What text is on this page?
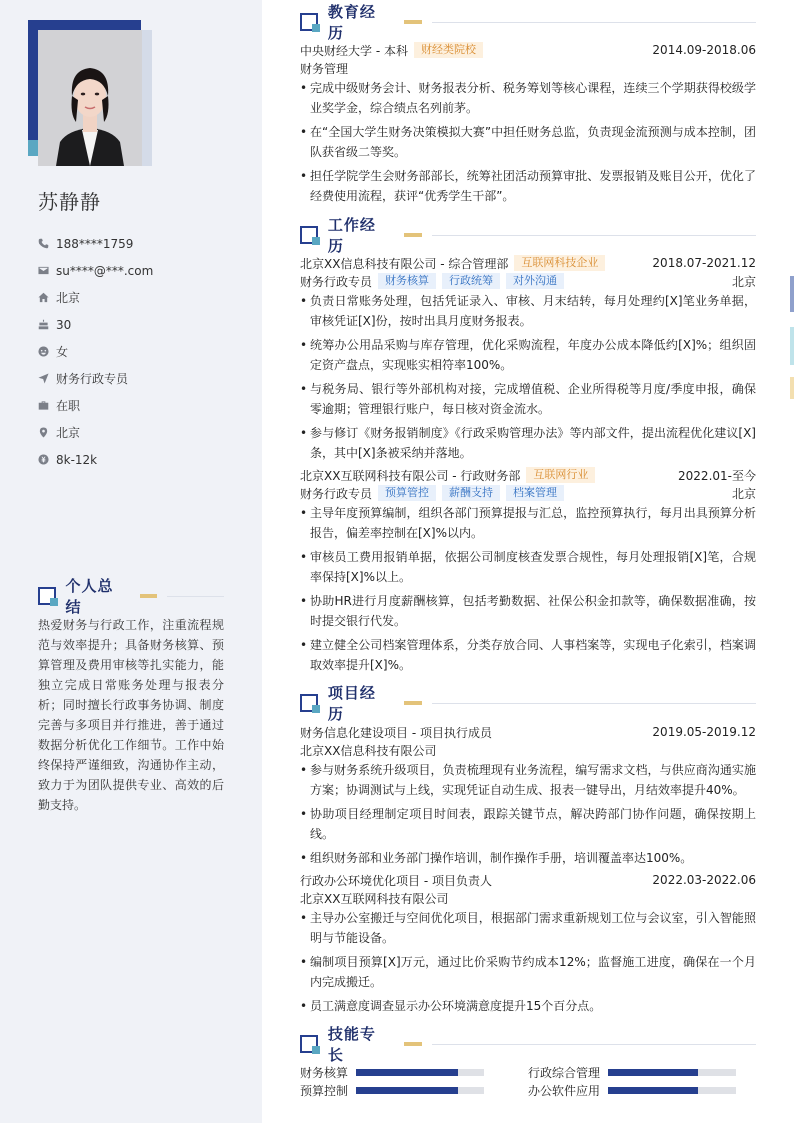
苏静静
188****1759
su****@***.com
北京
30
女
财务行政专员
在职
北京
8k-12k
个人总结
热爱财务与行政工作，注重流程规范与效率提升；具备财务核算、预算管理及费用审核等扎实能力，能独立完成日常账务处理与报表分析；同时擅长行政事务协调、制度完善与多项目并行推进，善于通过数据分析优化工作细节。工作中始终保持严谨细致，沟通协作主动，致力于为团队提供专业、高效的后勤支持。
教育经历
中央财经大学 - 本科	财经类院校	2014.09-2018.06
财务管理
• 完成中级财务会计、财务报表分析、税务筹划等核心课程，连续三个学期获得校级学业奖学金，综合绩点名列前茅。
• 在“全国大学生财务决策模拟大赛”中担任财务总监，负责现金流预测与成本控制，团队获省级二等奖。
• 担任学院学生会财务部部长，统筹社团活动预算审批、发票报销及账目公开，优化了经费使用流程，获评“优秀学生干部”。
工作经历
北京XX信息科技有限公司 - 综合管理部	互联网科技企业	2018.07-2021.12
财务行政专员	财务核算	行政统筹	对外沟通	北京
• 负责日常账务处理，包括凭证录入、审核、月末结转，每月处理约[X]笔业务单据，审核凭证[X]份，按时出具月度财务报表。
• 统筹办公用品采购与库存管理，优化采购流程，年度办公成本降低约[X]%；组织固定资产盘点，实现账实相符率100%。
• 与税务局、银行等外部机构对接，完成增值税、企业所得税等月度/季度申报，确保零逾期；管理银行账户，每日核对资金流水。
• 参与修订《财务报销制度》《行政采购管理办法》等内部文件，提出流程优化建议[X]条，其中[X]条被采纳并落地。
北京XX互联网科技有限公司 - 行政财务部	互联网行业	2022.01-至今
财务行政专员	预算管控	薪酬支持	档案管理	北京
• 主导年度预算编制，组织各部门预算提报与汇总，监控预算执行，每月出具预算分析报告，偏差率控制在[X]%以内。
• 审核员工费用报销单据，依据公司制度核查发票合规性，每月处理报销[X]笔，合规率保持[X]%以上。
• 协助HR进行月度薪酬核算，包括考勤数据、社保公积金扣款等，确保数据准确，按时提交银行代发。
• 建立健全公司档案管理体系，分类存放合同、人事档案等，实现电子化索引，档案调取效率提升[X]%。
项目经历
财务信息化建设项目 - 项目执行成员	2019.05-2019.12
北京XX信息科技有限公司
• 参与财务系统升级项目，负责梳理现有业务流程，编写需求文档，与供应商沟通实施方案；协调测试与上线，实现凭证自动生成、报表一键导出，月结效率提升40%。
• 协助项目经理制定项目时间表，跟踪关键节点，解决跨部门协作问题，确保按期上线。
• 组织财务部和业务部门操作培训，制作操作手册，培训覆盖率达100%。
行政办公环境优化项目 - 项目负责人	2022.03-2022.06
北京XX互联网科技有限公司
• 主导办公室搬迁与空间优化项目，根据部门需求重新规划工位与会议室，引入智能照明与节能设备。
• 编制项目预算[X]万元，通过比价采购节约成本12%；监督施工进度，确保在一个月内完成搬迁。
• 员工满意度调查显示办公环境满意度提升15个百分点。
技能专长
财务核算	行政综合管理
预算控制	办公软件应用
